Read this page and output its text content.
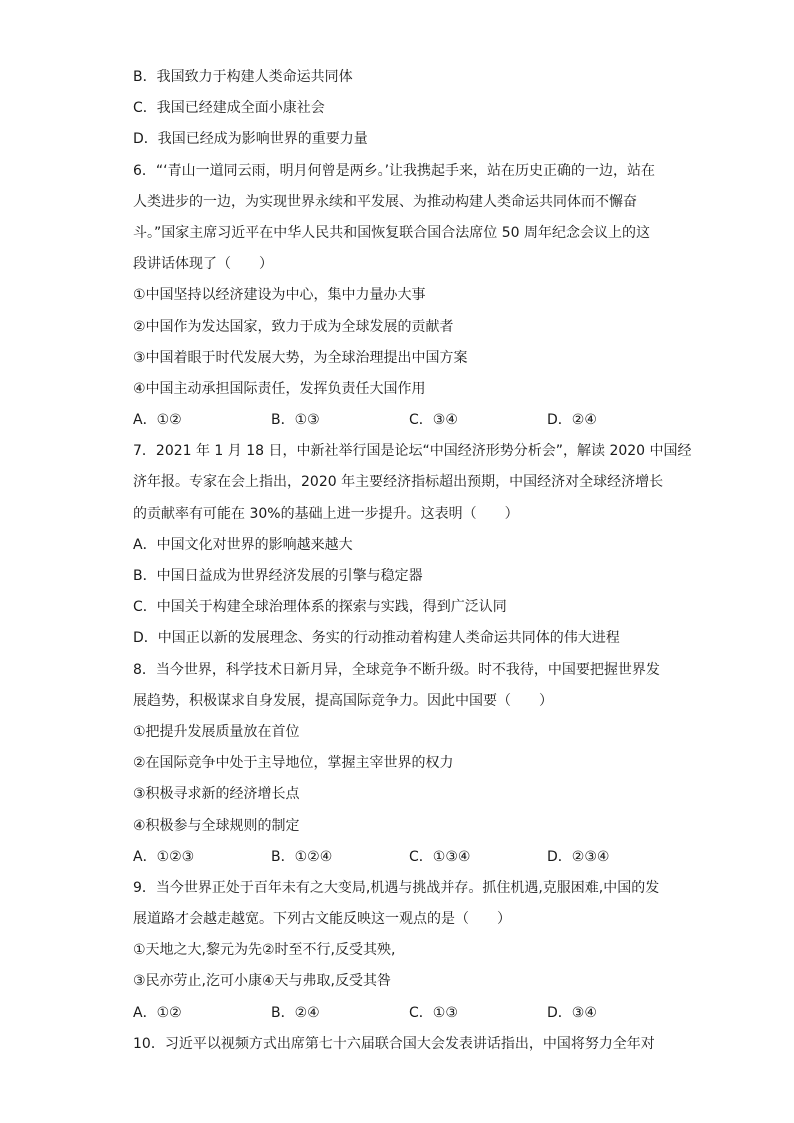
B．我国致力于构建人类命运共同体
C．我国已经建成全面小康社会
D．我国已经成为影响世界的重要力量
6．“‘青山一道同云雨，明月何曾是两乡。’让我携起手来，站在历史正确的一边，站在
人类进步的一边，为实现世界永续和平发展、为推动构建人类命运共同体而不懈奋
斗。”国家主席习近平在中华人民共和国恢复联合国合法席位 50 周年纪念会议上的这
段讲话体现了（　　）
①中国坚持以经济建设为中心，集中力量办大事
②中国作为发达国家，致力于成为全球发展的贡献者
③中国着眼于时代发展大势，为全球治理提出中国方案
④中国主动承担国际责任，发挥负责任大国作用
A．①②	B．①③	C．③④	D．②④
7．2021 年 1 月 18 日，中新社举行国是论坛“中国经济形势分析会”，解读 2020 中国经
济年报。专家在会上指出，2020 年主要经济指标超出预期，中国经济对全球经济增长
的贡献率有可能在 30%的基础上进一步提升。这表明（　　）
A．中国文化对世界的影响越来越大
B．中国日益成为世界经济发展的引擎与稳定器
C．中国关于构建全球治理体系的探索与实践，得到广泛认同
D．中国正以新的发展理念、务实的行动推动着构建人类命运共同体的伟大进程
8．当今世界，科学技术日新月异，全球竞争不断升级。时不我待，中国要把握世界发
展趋势，积极谋求自身发展，提高国际竞争力。因此中国要（　　）
①把提升发展质量放在首位
②在国际竞争中处于主导地位，掌握主宰世界的权力
③积极寻求新的经济增长点
④积极参与全球规则的制定
A．①②③	B．①②④	C．①③④	D．②③④
9．当今世界正处于百年未有之大变局,机遇与挑战并存。抓住机遇,克服困难,中国的发
展道路才会越走越宽。下列古文能反映这一观点的是（　　）
①天地之大,黎元为先②时至不行,反受其殃,
③民亦劳止,汔可小康④天与弗取,反受其咎
A．①②	B．②④	C．①③	D．③④
10．习近平以视频方式出席第七十六届联合国大会发表讲话指出，中国将努力全年对
